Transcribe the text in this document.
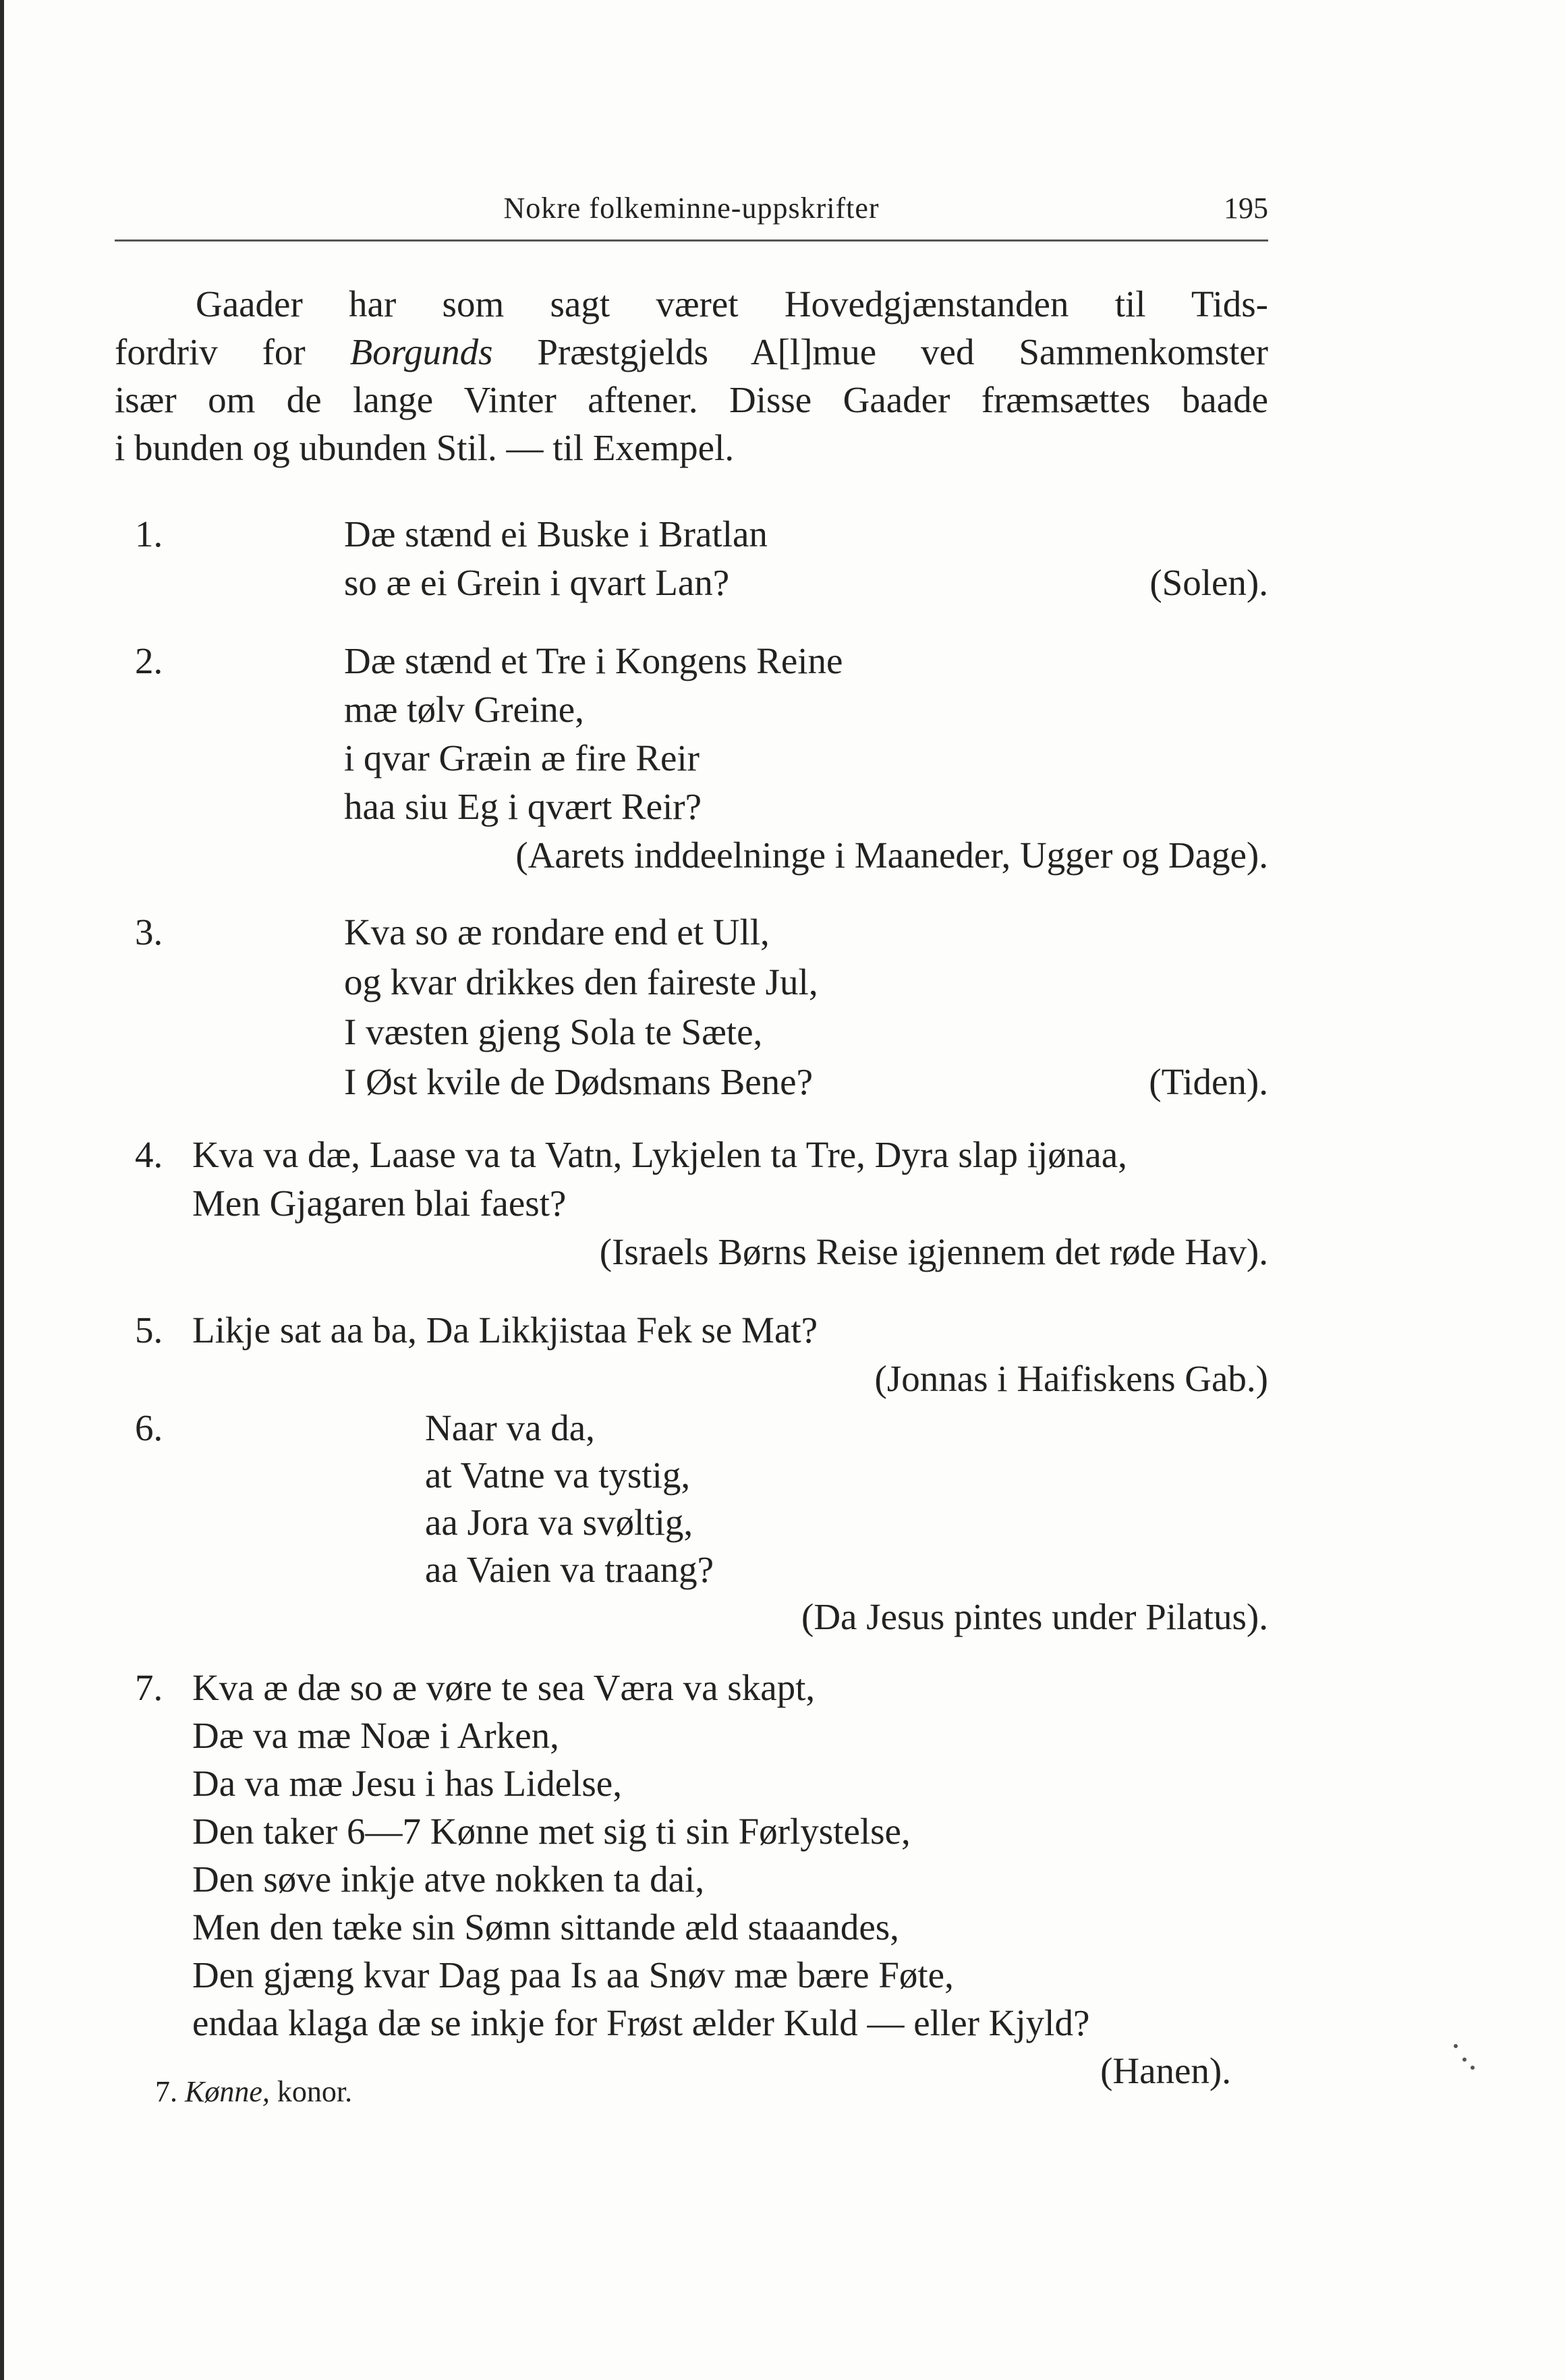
Nokre folkeminne-uppskrifter	195
Gaader har som sagt været Hovedgjænstanden til Tids-
fordriv for Borgunds Præstgjelds A[l]mue ved Sammenkomster
især om de lange Vinter aftener. Disse Gaader fræmsættes baade
i bunden og ubunden Stil. — til Exempel.
1.	Dæ stænd ei Buske i Bratlan
so æ ei Grein i qvart Lan?	(Solen).
2.	Dæ stænd et Tre i Kongens Reine
mæ tølv Greine,
i qvar Græin æ fire Reir
haa siu Eg i qvært Reir?
(Aarets inddeelninge i Maaneder, Ugger og Dage).
3.	Kva so æ rondare end et Ull,
og kvar drikkes den faireste Jul,
I væsten gjeng Sola te Sæte,
I Øst kvile de Dødsmans Bene?	(Tiden).
4. Kva va dæ, Laase va ta Vatn, Lykjelen ta Tre, Dyra slap ijønaa,
Men Gjagaren blai faest?
(Israels Børns Reise igjennem det røde Hav).
5. Likje sat aa ba, Da Likkjistaa Fek se Mat?
(Jonnas i Haifiskens Gab.)
6.	Naar va da,
at Vatne va tystig,
aa Jora va svøltig,
aa Vaien va traang?
(Da Jesus pintes under Pilatus).
7. Kva æ dæ so æ vøre te sea Væra va skapt,
Dæ va mæ Noæ i Arken,
Da va mæ Jesu i has Lidelse,
Den taker 6—7 Kønne met sig ti sin Førlystelse,
Den søve inkje atve nokken ta dai,
Men den tæke sin Sømn sittande æld staaandes,
Den gjæng kvar Dag paa Is aa Snøv mæ bære Føte,
endaa klaga dæ se inkje for Frøst ælder Kuld — eller Kjyld?
(Hanen).
7. Kønne, konor.
